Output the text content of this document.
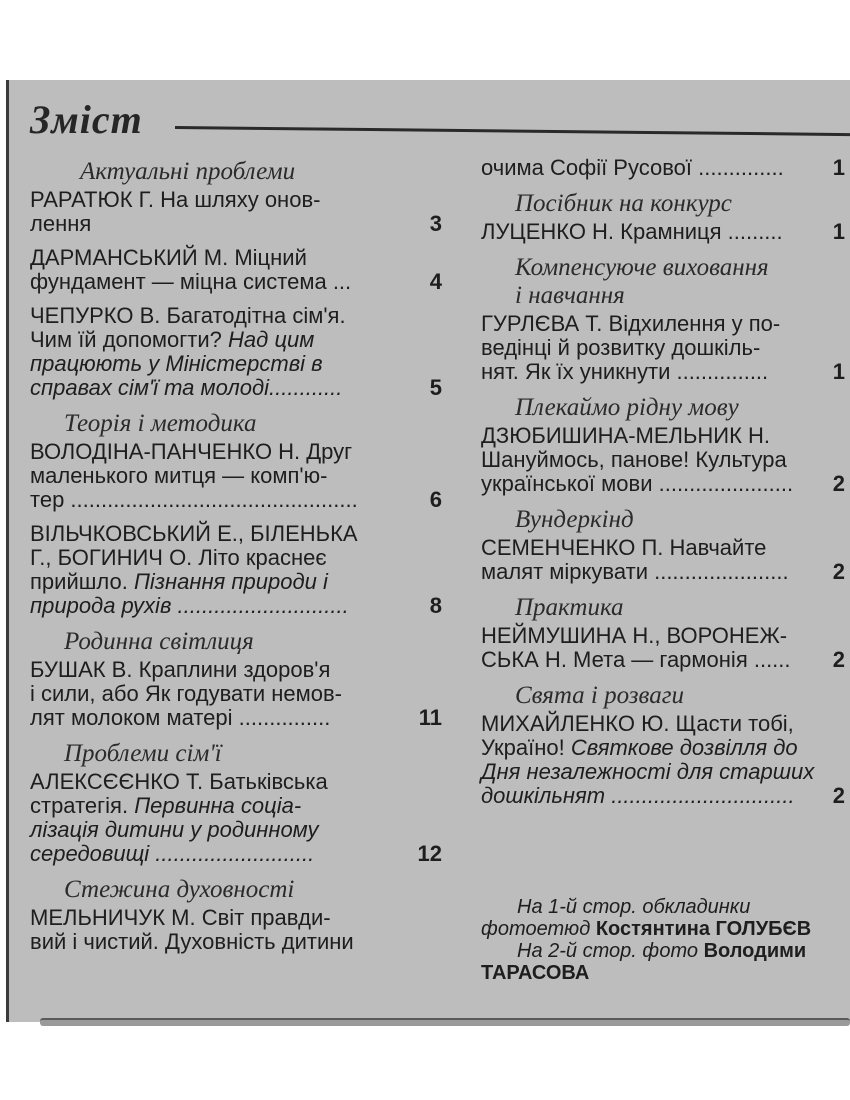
Зміст
Актуальні проблеми
РАРАТЮК Г. На шляху онов-
лення	3
ДАРМАНСЬКИЙ М. Міцний
фундамент — міцна система ...	4
ЧЕПУРКО В. Багатодітна сім'я.
Чим їй допомогти? Над цим
працюють у Міністерстві в
справах сім'ї та молоді............	5
Теорія і методика
ВОЛОДІНА-ПАНЧЕНКО Н. Друг
маленького митця — комп'ю-
тер ...............................................	6
ВІЛЬЧКОВСЬКИЙ Е., БІЛЕНЬКА
Г., БОГИНИЧ О. Літо краснеє
прийшло. Пізнання природи і
природа рухів ............................	8
Родинна світлиця
БУШАК В. Краплини здоров'я
і сили, або Як годувати немов-
лят молоком матері ...............	11
Проблеми сім'ї
АЛЕКСЄЄНКО Т. Батьківська
стратегія. Первинна соціа-
лізація дитини у родинному
середовищі ..........................	12
Стежина духовності
МЕЛЬНИЧУК М. Світ правди-
вий і чистий. Духовність дитини
очима Софії Русової .............. 1
Посібник на конкурс
ЛУЦЕНКО Н. Крамниця ......... 1
Компенсуюче виховання
і навчання
ГУРЛЄВА Т. Відхилення у по-
ведінці й розвитку дошкіль-
нят. Як їх уникнути ...............	1
Плекаймо рідну мову
ДЗЮБИШИНА-МЕЛЬНИК Н.
Шануймось, панове! Культура
української мови ...................... 2
Вундеркінд
СЕМЕНЧЕНКО П. Навчайте
малят міркувати ...................... 2
Практика
НЕЙМУШИНА Н., ВОРОНЕЖ-
СЬКА Н. Мета — гармонія ...... 2
Свята і розваги
МИХАЙЛЕНКО Ю. Щасти тобі,
Україно! Святкове дозвілля до
Дня незалежності для старших
дошкільнят .............................. 2
На 1-й стор. обкладинки
фотоетюд Костянтина ГОЛУБЄВ
На 2-й стор. фото Володими
ТАРАСОВА
